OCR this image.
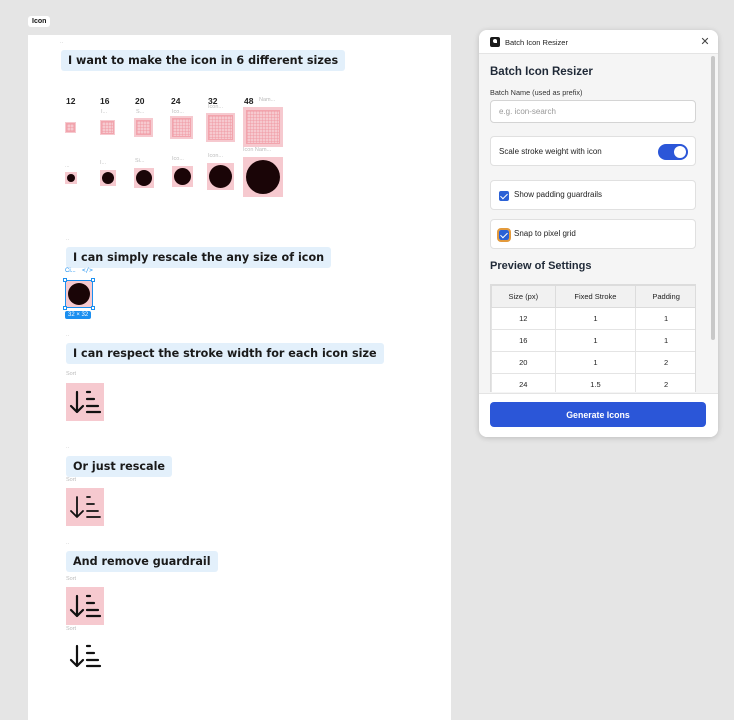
Icon
..
I want to make the icon in 6 different sizes
12	16	20	24	32	48
I...	S...	Ico...
Icon...
Nam...
...	I...	Si...	Ico...	Icon...
Icon Nam...
..
I can simply rescale the any size of icon
Ci... </>
32 × 32
..
I can respect the stroke width for each icon size
Sort
..
Or just rescale
Sort
..
And remove guardrail
Sort
Sort
Batch Icon Resizer	✕
Batch Icon Resizer
Batch Name (used as prefix)
e.g. icon-search
Scale stroke weight with icon
Show padding guardrails
Snap to pixel grid
Preview of Settings
Size (px)	Fixed Stroke	Padding
12	1	1
16	1	1
20	1	2
24	1.5	2
Generate Icons
